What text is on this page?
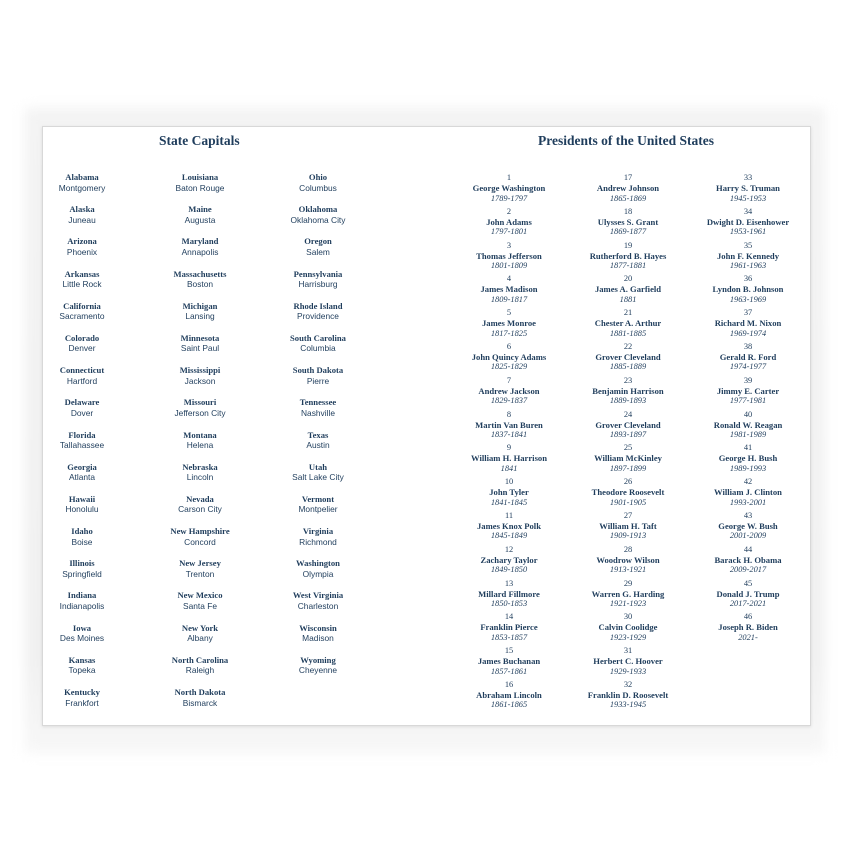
State Capitals	Presidents of the United States
Alabama
Montgomery
Alaska
Juneau
Arizona
Phoenix
Arkansas
Little Rock
California
Sacramento
Colorado
Denver
Connecticut
Hartford
Delaware
Dover
Florida
Tallahassee
Georgia
Atlanta
Hawaii
Honolulu
Idaho
Boise
Illinois
Springfield
Indiana
Indianapolis
Iowa
Des Moines
Kansas
Topeka
Kentucky
Frankfort
Louisiana
Baton Rouge
Maine
Augusta
Maryland
Annapolis
Massachusetts
Boston
Michigan
Lansing
Minnesota
Saint Paul
Mississippi
Jackson
Missouri
Jefferson City
Montana
Helena
Nebraska
Lincoln
Nevada
Carson City
New Hampshire
Concord
New Jersey
Trenton
New Mexico
Santa Fe
New York
Albany
North Carolina
Raleigh
North Dakota
Bismarck
Ohio
Columbus
Oklahoma
Oklahoma City
Oregon
Salem
Pennsylvania
Harrisburg
Rhode Island
Providence
South Carolina
Columbia
South Dakota
Pierre
Tennessee
Nashville
Texas
Austin
Utah
Salt Lake City
Vermont
Montpelier
Virginia
Richmond
Washington
Olympia
West Virginia
Charleston
Wisconsin
Madison
Wyoming
Cheyenne
1
George Washington
1789-1797
2
John Adams
1797-1801
3
Thomas Jefferson
1801-1809
4
James Madison
1809-1817
5
James Monroe
1817-1825
6
John Quincy Adams
1825-1829
7
Andrew Jackson
1829-1837
8
Martin Van Buren
1837-1841
9
William H. Harrison
1841
10
John Tyler
1841-1845
11
James Knox Polk
1845-1849
12
Zachary Taylor
1849-1850
13
Millard Fillmore
1850-1853
14
Franklin Pierce
1853-1857
15
James Buchanan
1857-1861
16
Abraham Lincoln
1861-1865
17
Andrew Johnson
1865-1869
18
Ulysses S. Grant
1869-1877
19
Rutherford B. Hayes
1877-1881
20
James A. Garfield
1881
21
Chester A. Arthur
1881-1885
22
Grover Cleveland
1885-1889
23
Benjamin Harrison
1889-1893
24
Grover Cleveland
1893-1897
25
William McKinley
1897-1899
26
Theodore Roosevelt
1901-1905
27
William H. Taft
1909-1913
28
Woodrow Wilson
1913-1921
29
Warren G. Harding
1921-1923
30
Calvin Coolidge
1923-1929
31
Herbert C. Hoover
1929-1933
32
Franklin D. Roosevelt
1933-1945
33
Harry S. Truman
1945-1953
34
Dwight D. Eisenhower
1953-1961
35
John F. Kennedy
1961-1963
36
Lyndon B. Johnson
1963-1969
37
Richard M. Nixon
1969-1974
38
Gerald R. Ford
1974-1977
39
Jimmy E. Carter
1977-1981
40
Ronald W. Reagan
1981-1989
41
George H. Bush
1989-1993
42
William J. Clinton
1993-2001
43
George W. Bush
2001-2009
44
Barack H. Obama
2009-2017
45
Donald J. Trump
2017-2021
46
Joseph R. Biden
2021-
